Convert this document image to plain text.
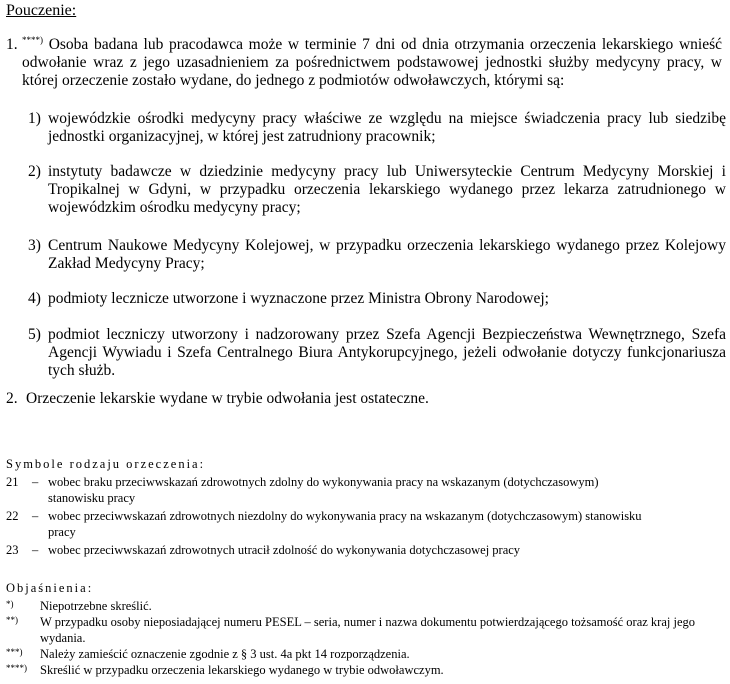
Pouczenie:
1. ****) Osoba badana lub pracodawca może w terminie 7 dni od dnia otrzymania orzeczenia lekarskiego wnieść odwołanie wraz z jego uzasadnieniem za pośrednictwem podstawowej jednostki służby medycyny pracy, w której orzeczenie zostało wydane, do jednego z podmiotów odwoławczych, którymi są:
1) wojewódzkie ośrodki medycyny pracy właściwe ze względu na miejsce świadczenia pracy lub siedzibę jednostki organizacyjnej, w której jest zatrudniony pracownik;
2) instytuty badawcze w dziedzinie medycyny pracy lub Uniwersyteckie Centrum Medycyny Morskiej i Tropikalnej w Gdyni, w przypadku orzeczenia lekarskiego wydanego przez lekarza zatrudnionego w wojewódzkim ośrodku medycyny pracy;
3) Centrum Naukowe Medycyny Kolejowej, w przypadku orzeczenia lekarskiego wydanego przez Kolejowy Zakład Medycyny Pracy;
4) podmioty lecznicze utworzone i wyznaczone przez Ministra Obrony Narodowej;
5) podmiot leczniczy utworzony i nadzorowany przez Szefa Agencji Bezpieczeństwa Wewnętrznego, Szefa Agencji Wywiadu i Szefa Centralnego Biura Antykorupcyjnego, jeżeli odwołanie dotyczy funkcjonariusza tych służb.
2. Orzeczenie lekarskie wydane w trybie odwołania jest ostateczne.
Symbole rodzaju orzeczenia:
21 – wobec braku przeciwwskazań zdrowotnych zdolny do wykonywania pracy na wskazanym (dotychczasowym) stanowisku pracy
22 – wobec przeciwwskazań zdrowotnych niezdolny do wykonywania pracy na wskazanym (dotychczasowym) stanowisku pracy
23 – wobec przeciwwskazań zdrowotnych utracił zdolność do wykonywania dotychczasowej pracy
Objaśnienia:
*) Niepotrzebne skreślić.
**) W przypadku osoby nieposiadającej numeru PESEL – seria, numer i nazwa dokumentu potwierdzającego tożsamość oraz kraj jego wydania.
***) Należy zamieścić oznaczenie zgodnie z § 3 ust. 4a pkt 14 rozporządzenia.
****) Skreślić w przypadku orzeczenia lekarskiego wydanego w trybie odwoławczym.
